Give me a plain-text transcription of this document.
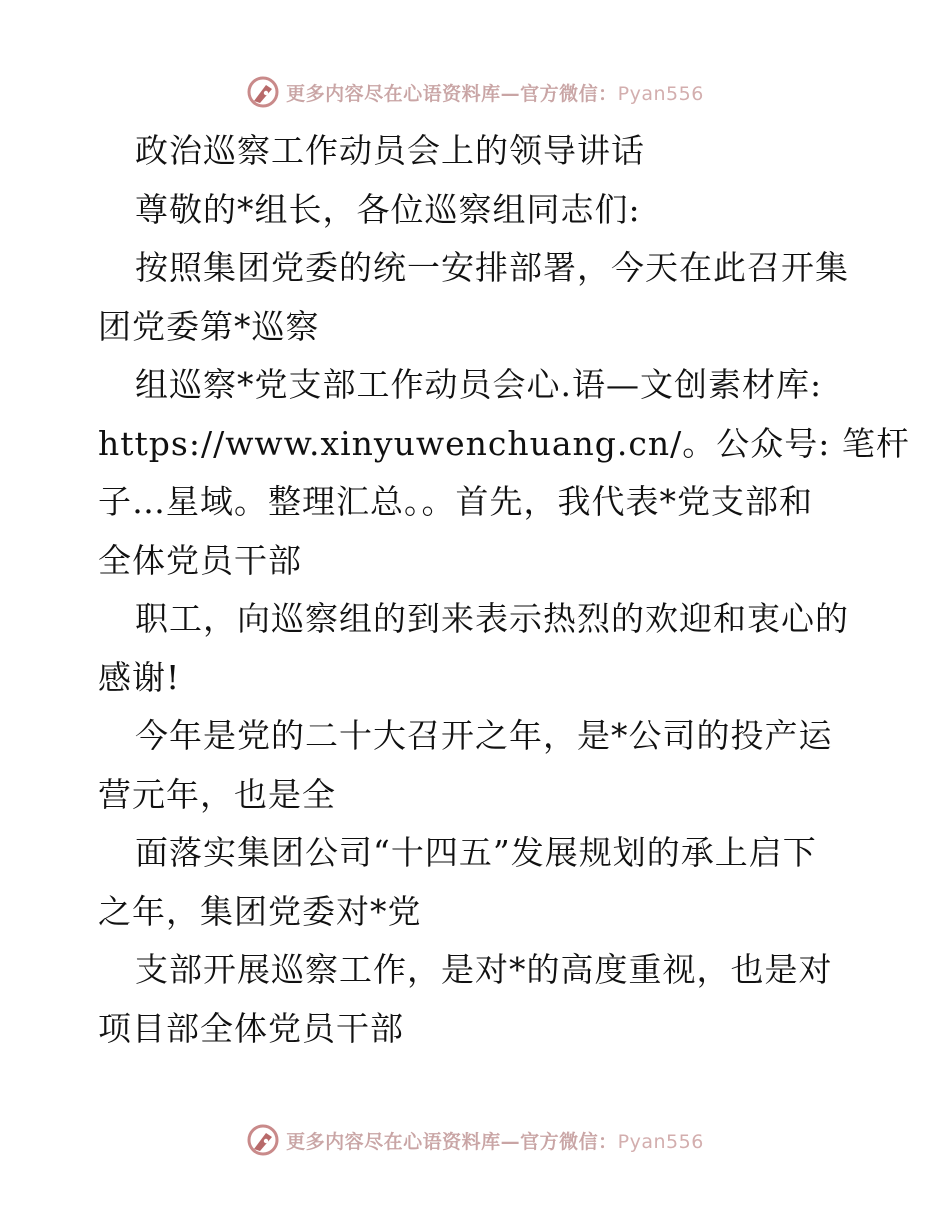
更多内容尽在心语资料库—官方微信：Pyan556
政治巡察工作动员会上的领导讲话
尊敬的*组长，各位巡察组同志们:
按照集团党委的统一安排部署，今天在此召开集
团党委第*巡察
组巡察*党支部工作动员会心.语—文创素材库:
https://www.xinyuwenchuang.cn/。公众号: 笔杆
子…星域。整理汇总。。首先，我代表*党支部和
全体党员干部
职工，向巡察组的到来表示热烈的欢迎和衷心的
感谢!
今年是党的二十大召开之年，是*公司的投产运
营元年，也是全
面落实集团公司“十四五”发展规划的承上启下
之年，集团党委对*党
支部开展巡察工作，是对*的高度重视，也是对
项目部全体党员干部
更多内容尽在心语资料库—官方微信：Pyan556
